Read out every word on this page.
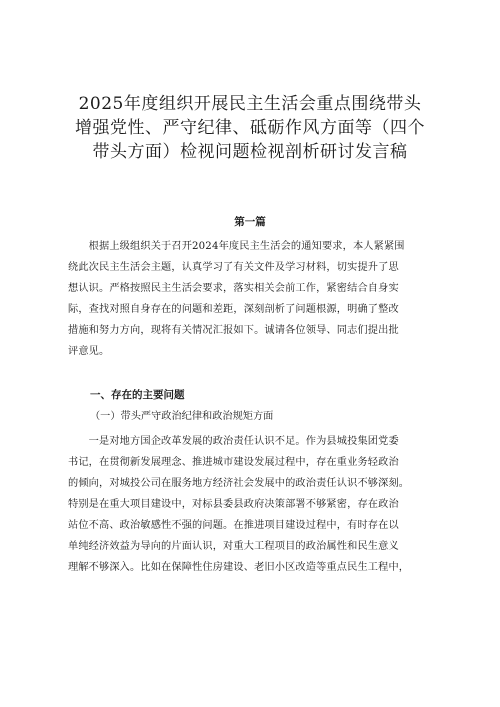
2025年度组织开展民主生活会重点围绕带头
增强党性、严守纪律、砥砺作风方面等（四个
带头方面）检视问题检视剖析研讨发言稿
第一篇
　　根据上级组织关于召开2024年度民主生活会的通知要求，本人紧紧围
绕此次民主生活会主题，认真学习了有关文件及学习材料，切实提升了思
想认识。严格按照民主生活会要求，落实相关会前工作，紧密结合自身实
际，查找对照自身存在的问题和差距，深刻剖析了问题根源，明确了整改
措施和努力方向，现将有关情况汇报如下。诚请各位领导、同志们提出批
评意见。
一、存在的主要问题
（一）带头严守政治纪律和政治规矩方面
　　一是对地方国企改革发展的政治责任认识不足。作为县城投集团党委
书记，在贯彻新发展理念、推进城市建设发展过程中，存在重业务轻政治
的倾向，对城投公司在服务地方经济社会发展中的政治责任认识不够深刻。
特别是在重大项目建设中，对标县委县政府决策部署不够紧密，存在政治
站位不高、政治敏感性不强的问题。在推进项目建设过程中，有时存在以
单纯经济效益为导向的片面认识，对重大工程项目的政治属性和民生意义
理解不够深入。比如在保障性住房建设、老旧小区改造等重点民生工程中，
